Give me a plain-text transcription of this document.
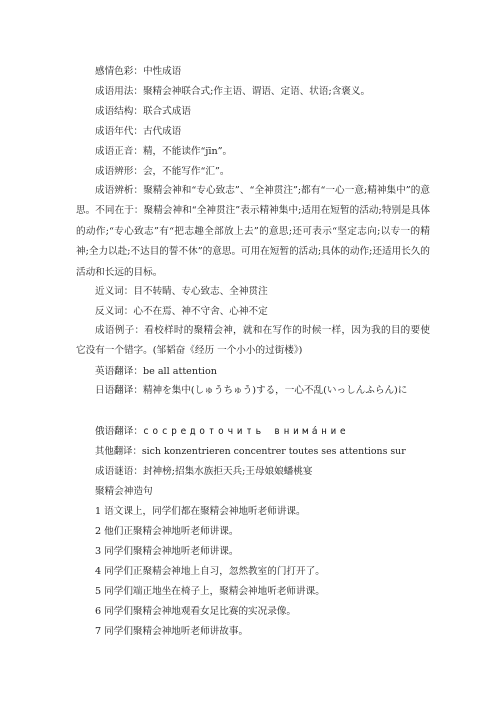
感情色彩：中性成语
成语用法：聚精会神联合式;作主语、谓语、定语、状语;含褒义。
成语结构：联合式成语
成语年代：古代成语
成语正音：精，不能读作“jīn”。
成语辨形：会，不能写作“汇”。
成语辨析：聚精会神和“专心致志”、“全神贯注”;都有“一心一意;精神集中”的意思。不同在于：聚精会神和“全神贯注”表示精神集中;适用在短暂的活动;特别是具体的动作;“专心致志”有“把志趣全部放上去”的意思;还可表示“坚定志向;以专一的精神;全力以赴;不达目的誓不休”的意思。可用在短暂的活动;具体的动作;还适用长久的活动和长远的目标。
近义词：目不转睛、专心致志、全神贯注
反义词：心不在焉、神不守舍、心神不定
成语例子：看校样时的聚精会神，就和在写作的时候一样，因为我的目的要使它没有一个错字。(邹韬奋《经历 一个小小的过街楼》)
英语翻译：be all attention
日语翻译：精神を集中(しゅうちゅう)する，一心不乱(いっしんふらん)に
俄语翻译：сосредоточить внимáние
其他翻译：sich konzentrieren concentrer toutes ses attentions sur
成语谜语：封神榜;招集水族拒天兵;王母娘娘蟠桃宴
聚精会神造句
1 语文课上，同学们都在聚精会神地听老师讲课。
2 他们正聚精会神地听老师讲课。
3 同学们聚精会神地听老师讲课。
4 同学们正聚精会神地上自习，忽然教室的门打开了。
5 同学们端正地坐在椅子上，聚精会神地听老师讲课。
6 同学们聚精会神地观看女足比赛的实况录像。
7 同学们聚精会神地听老师讲故事。
